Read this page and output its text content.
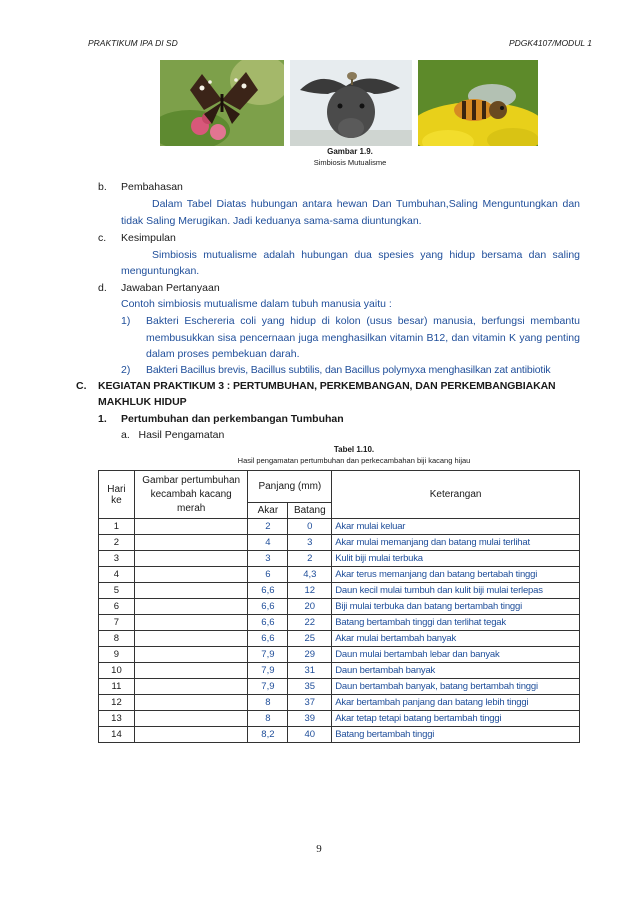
PRAKTIKUM IPA DI SD	PDGK4107/MODUL 1
Gambar 1.9.
Simbiosis Mutualisme
b. Pembahasan
Dalam Tabel Diatas hubungan antara hewan Dan Tumbuhan,Saling Menguntungkan dan
tidak Saling Merugikan. Jadi keduanya sama-sama diuntungkan.
c. Kesimpulan
Simbiosis mutualisme adalah hubungan dua spesies yang hidup bersama dan saling
menguntungkan.
d. Jawaban Pertanyaan
Contoh simbiosis mutualisme dalam tubuh manusia yaitu :
1) Bakteri Eschereria coli yang hidup di kolon (usus besar) manusia, berfungsi membantu
membusukkan sisa pencernaan juga menghasilkan vitamin B12, dan vitamin K yang penting
dalam proses pembekuan darah.
2) Bakteri Bacillus brevis, Bacillus subtilis, dan Bacillus polymyxa menghasilkan zat antibiotik
C. KEGIATAN PRAKTIKUM 3 : PERTUMBUHAN, PERKEMBANGAN, DAN PERKEMBANGBIAKAN
MAKHLUK HIDUP
1. Pertumbuhan dan perkembangan Tumbuhan
a.   Hasil Pengamatan
Tabel 1.10.
Hasil pengamatan pertumbuhan dan perkecambahan biji kacang hijau
Hari ke	Gambar pertumbuhan kecambah kacang merah	Panjang (mm)		Keterangan
		Akar	Batang	
1		2	0	Akar mulai keluar
2		4	3	Akar mulai memanjang dan batang mulai terlihat
3		3	2	Kulit biji mulai terbuka
4		6	4,3	Akar terus memanjang dan batang bertabah tinggi
5		6,6	12	Daun kecil mulai tumbuh dan kulit biji mulai terlepas
6		6,6	20	Biji mulai terbuka dan batang bertambah tinggi
7		6,6	22	Batang bertambah tinggi dan terlihat tegak
8		6,6	25	Akar mulai bertambah banyak
9		7,9	29	Daun mulai bertambah lebar dan banyak
10		7,9	31	Daun bertambah banyak
11		7,9	35	Daun bertambah banyak, batang bertambah tinggi
12		8	37	Akar bertambah panjang dan batang lebih tinggi
13		8	39	Akar tetap tetapi batang bertambah tinggi
14		8,2	40	Batang bertambah tinggi
9
